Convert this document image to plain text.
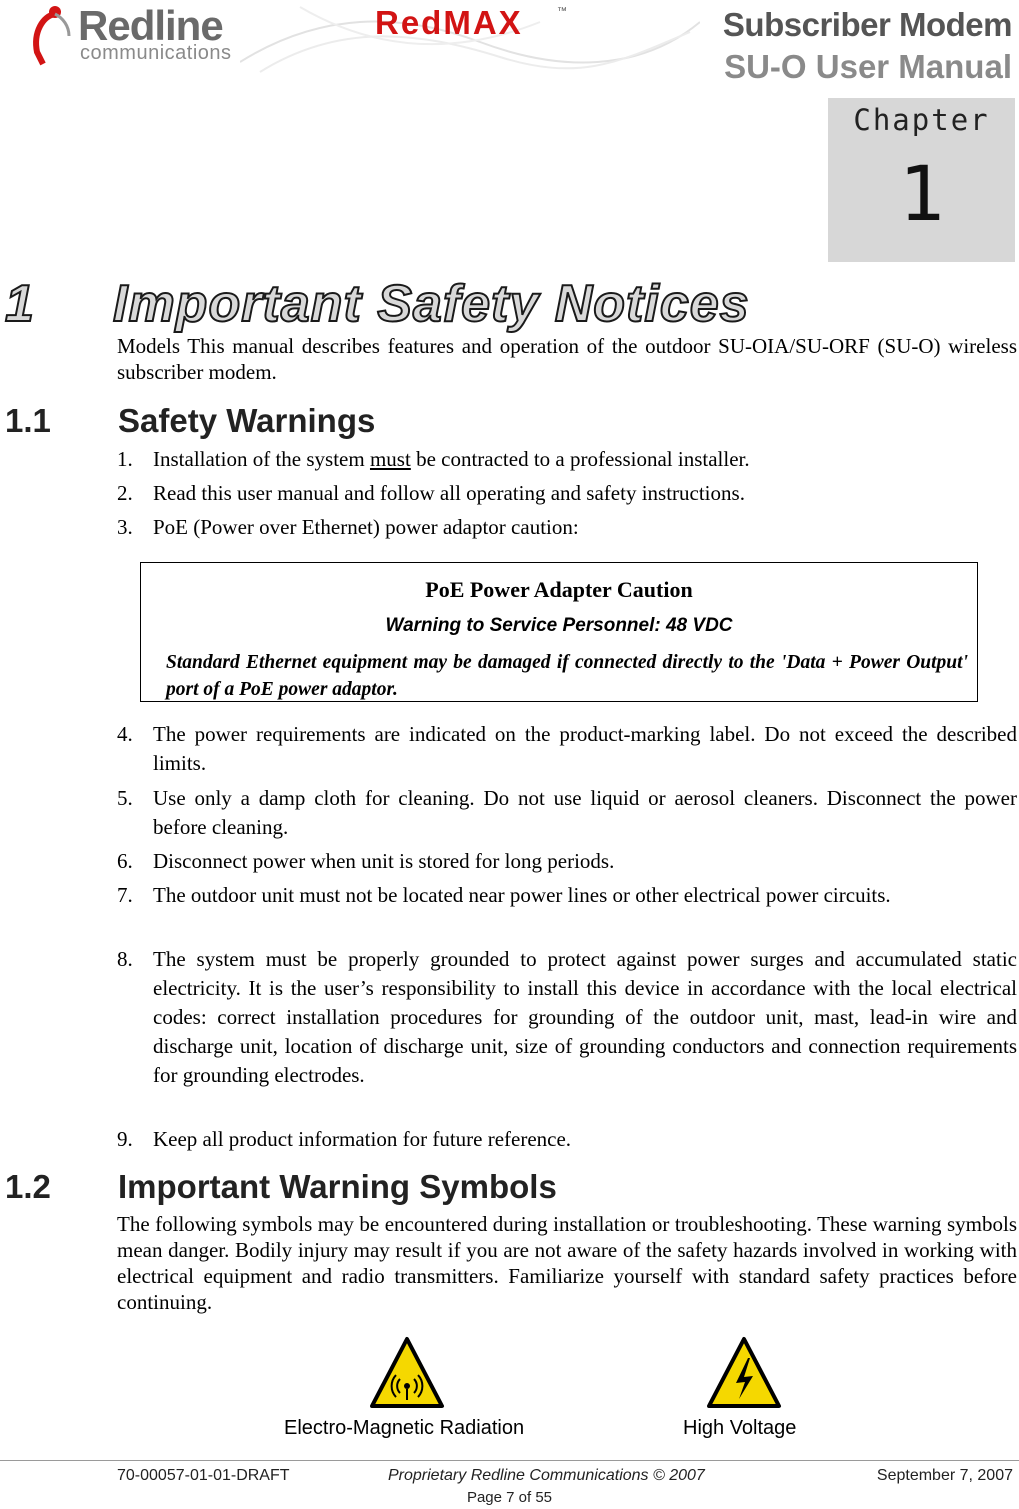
Redline
communications
RedMAX	™	Subscriber Modem
SU-O User Manual
Chapter
1
1 Important Safety Notices
Models This manual describes features and operation of the outdoor SU-OIA/SU-ORF (SU-O) wireless subscriber modem.
1.1 Safety Warnings
1. Installation of the system must be contracted to a professional installer.
2. Read this user manual and follow all operating and safety instructions.
3. PoE (Power over Ethernet) power adaptor caution:
PoE Power Adapter Caution
Warning to Service Personnel: 48 VDC
Standard Ethernet equipment may be damaged if connected directly to the 'Data + Power Output' port of a PoE power adaptor.
4. The power requirements are indicated on the product-marking label. Do not exceed the described limits.
5. Use only a damp cloth for cleaning. Do not use liquid or aerosol cleaners. Disconnect the power before cleaning.
6. Disconnect power when unit is stored for long periods.
7. The outdoor unit must not be located near power lines or other electrical power circuits.
8. The system must be properly grounded to protect against power surges and accumulated static electricity. It is the user’s responsibility to install this device in accordance with the local electrical codes: correct installation procedures for grounding of the outdoor unit, mast, lead-in wire and discharge unit, location of discharge unit, size of grounding conductors and connection requirements for grounding electrodes.
9. Keep all product information for future reference.
1.2 Important Warning Symbols
The following symbols may be encountered during installation or troubleshooting. These warning symbols mean danger. Bodily injury may result if you are not aware of the safety hazards involved in working with electrical equipment and radio transmitters. Familiarize yourself with standard safety practices before continuing.
Electro-Magnetic Radiation	High Voltage
70-00057-01-01-DRAFT	Proprietary Redline Communications © 2007	September 7, 2007
Page 7 of 55
